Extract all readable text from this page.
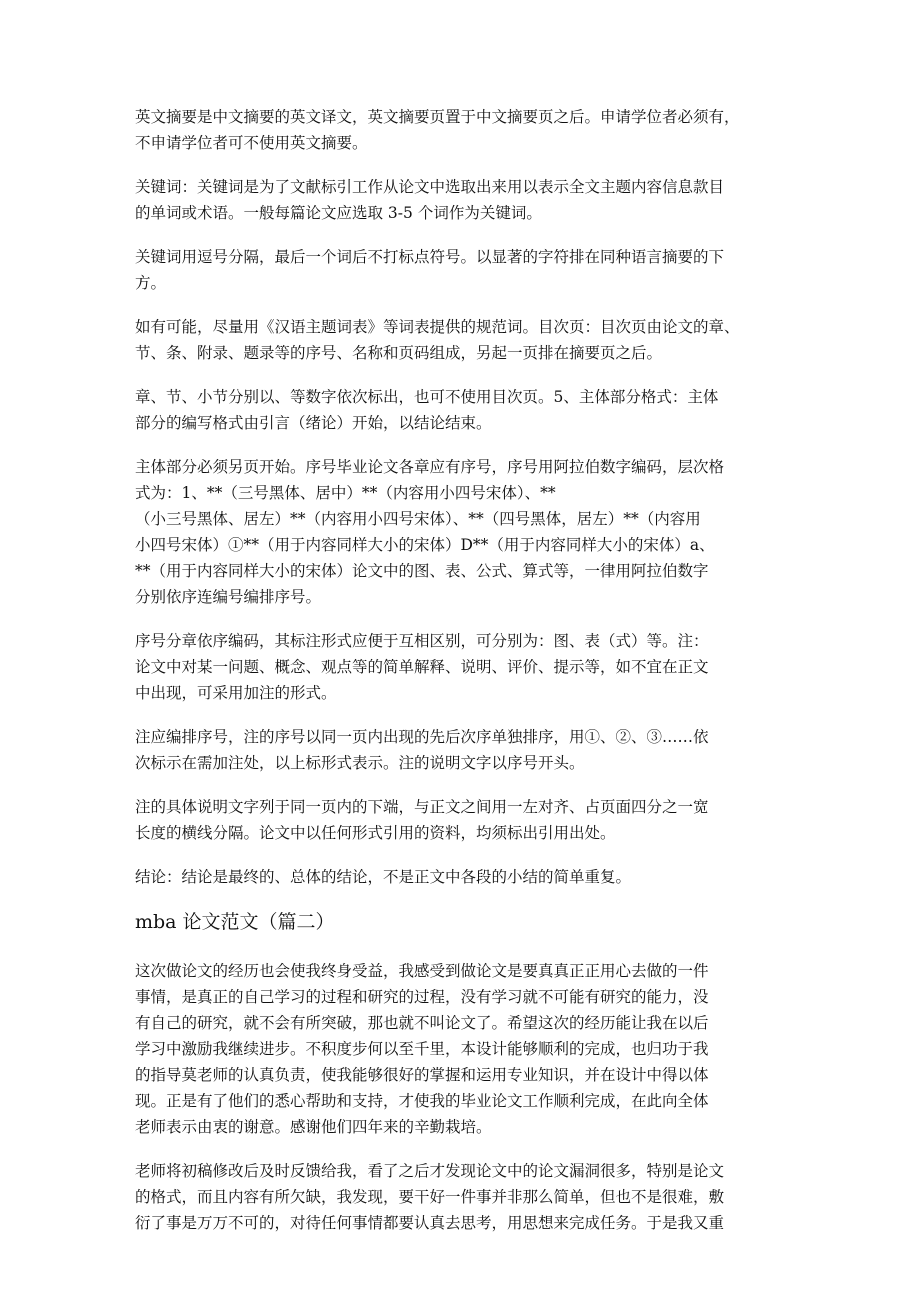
英文摘要是中文摘要的英文译文，英文摘要页置于中文摘要页之后。申请学位者必须有，
不申请学位者可不使用英文摘要。
关键词：关键词是为了文献标引工作从论文中选取出来用以表示全文主题内容信息款目
的单词或术语。一般每篇论文应选取 3-5 个词作为关键词。
关键词用逗号分隔，最后一个词后不打标点符号。以显著的字符排在同种语言摘要的下
方。
如有可能，尽量用《汉语主题词表》等词表提供的规范词。目次页：目次页由论文的章、
节、条、附录、题录等的序号、名称和页码组成，另起一页排在摘要页之后。
章、节、小节分别以、等数字依次标出，也可不使用目次页。5、主体部分格式：主体
部分的编写格式由引言（绪论）开始，以结论结束。
主体部分必须另页开始。序号毕业论文各章应有序号，序号用阿拉伯数字编码，层次格
式为：1、**（三号黑体、居中）**（内容用小四号宋体）、**
（小三号黑体、居左）**（内容用小四号宋体）、**（四号黑体，居左）**（内容用
小四号宋体）①**（用于内容同样大小的宋体）D**（用于内容同样大小的宋体）a、
**（用于内容同样大小的宋体）论文中的图、表、公式、算式等，一律用阿拉伯数字
分别依序连编号编排序号。
序号分章依序编码，其标注形式应便于互相区别，可分别为：图、表（式）等。注：
论文中对某一问题、概念、观点等的简单解释、说明、评价、提示等，如不宜在正文
中出现，可采用加注的形式。
注应编排序号，注的序号以同一页内出现的先后次序单独排序，用①、②、③……依
次标示在需加注处，以上标形式表示。注的说明文字以序号开头。
注的具体说明文字列于同一页内的下端，与正文之间用一左对齐、占页面四分之一宽
长度的横线分隔。论文中以任何形式引用的资料，均须标出引用出处。
结论：结论是最终的、总体的结论，不是正文中各段的小结的简单重复。
mba 论文范文（篇二）
这次做论文的经历也会使我终身受益，我感受到做论文是要真真正正用心去做的一件
事情，是真正的自己学习的过程和研究的过程，没有学习就不可能有研究的能力，没
有自己的研究，就不会有所突破，那也就不叫论文了。希望这次的经历能让我在以后
学习中激励我继续进步。不积度步何以至千里，本设计能够顺利的完成，也归功于我
的指导莫老师的认真负责，使我能够很好的掌握和运用专业知识，并在设计中得以体
现。正是有了他们的悉心帮助和支持，才使我的毕业论文工作顺利完成，在此向全体
老师表示由衷的谢意。感谢他们四年来的辛勤栽培。
老师将初稿修改后及时反馈给我，看了之后才发现论文中的论文漏洞很多，特别是论文
的格式，而且内容有所欠缺，我发现，要干好一件事并非那么简单，但也不是很难，敷
衍了事是万万不可的，对待任何事情都要认真去思考，用思想来完成任务。于是我又重
